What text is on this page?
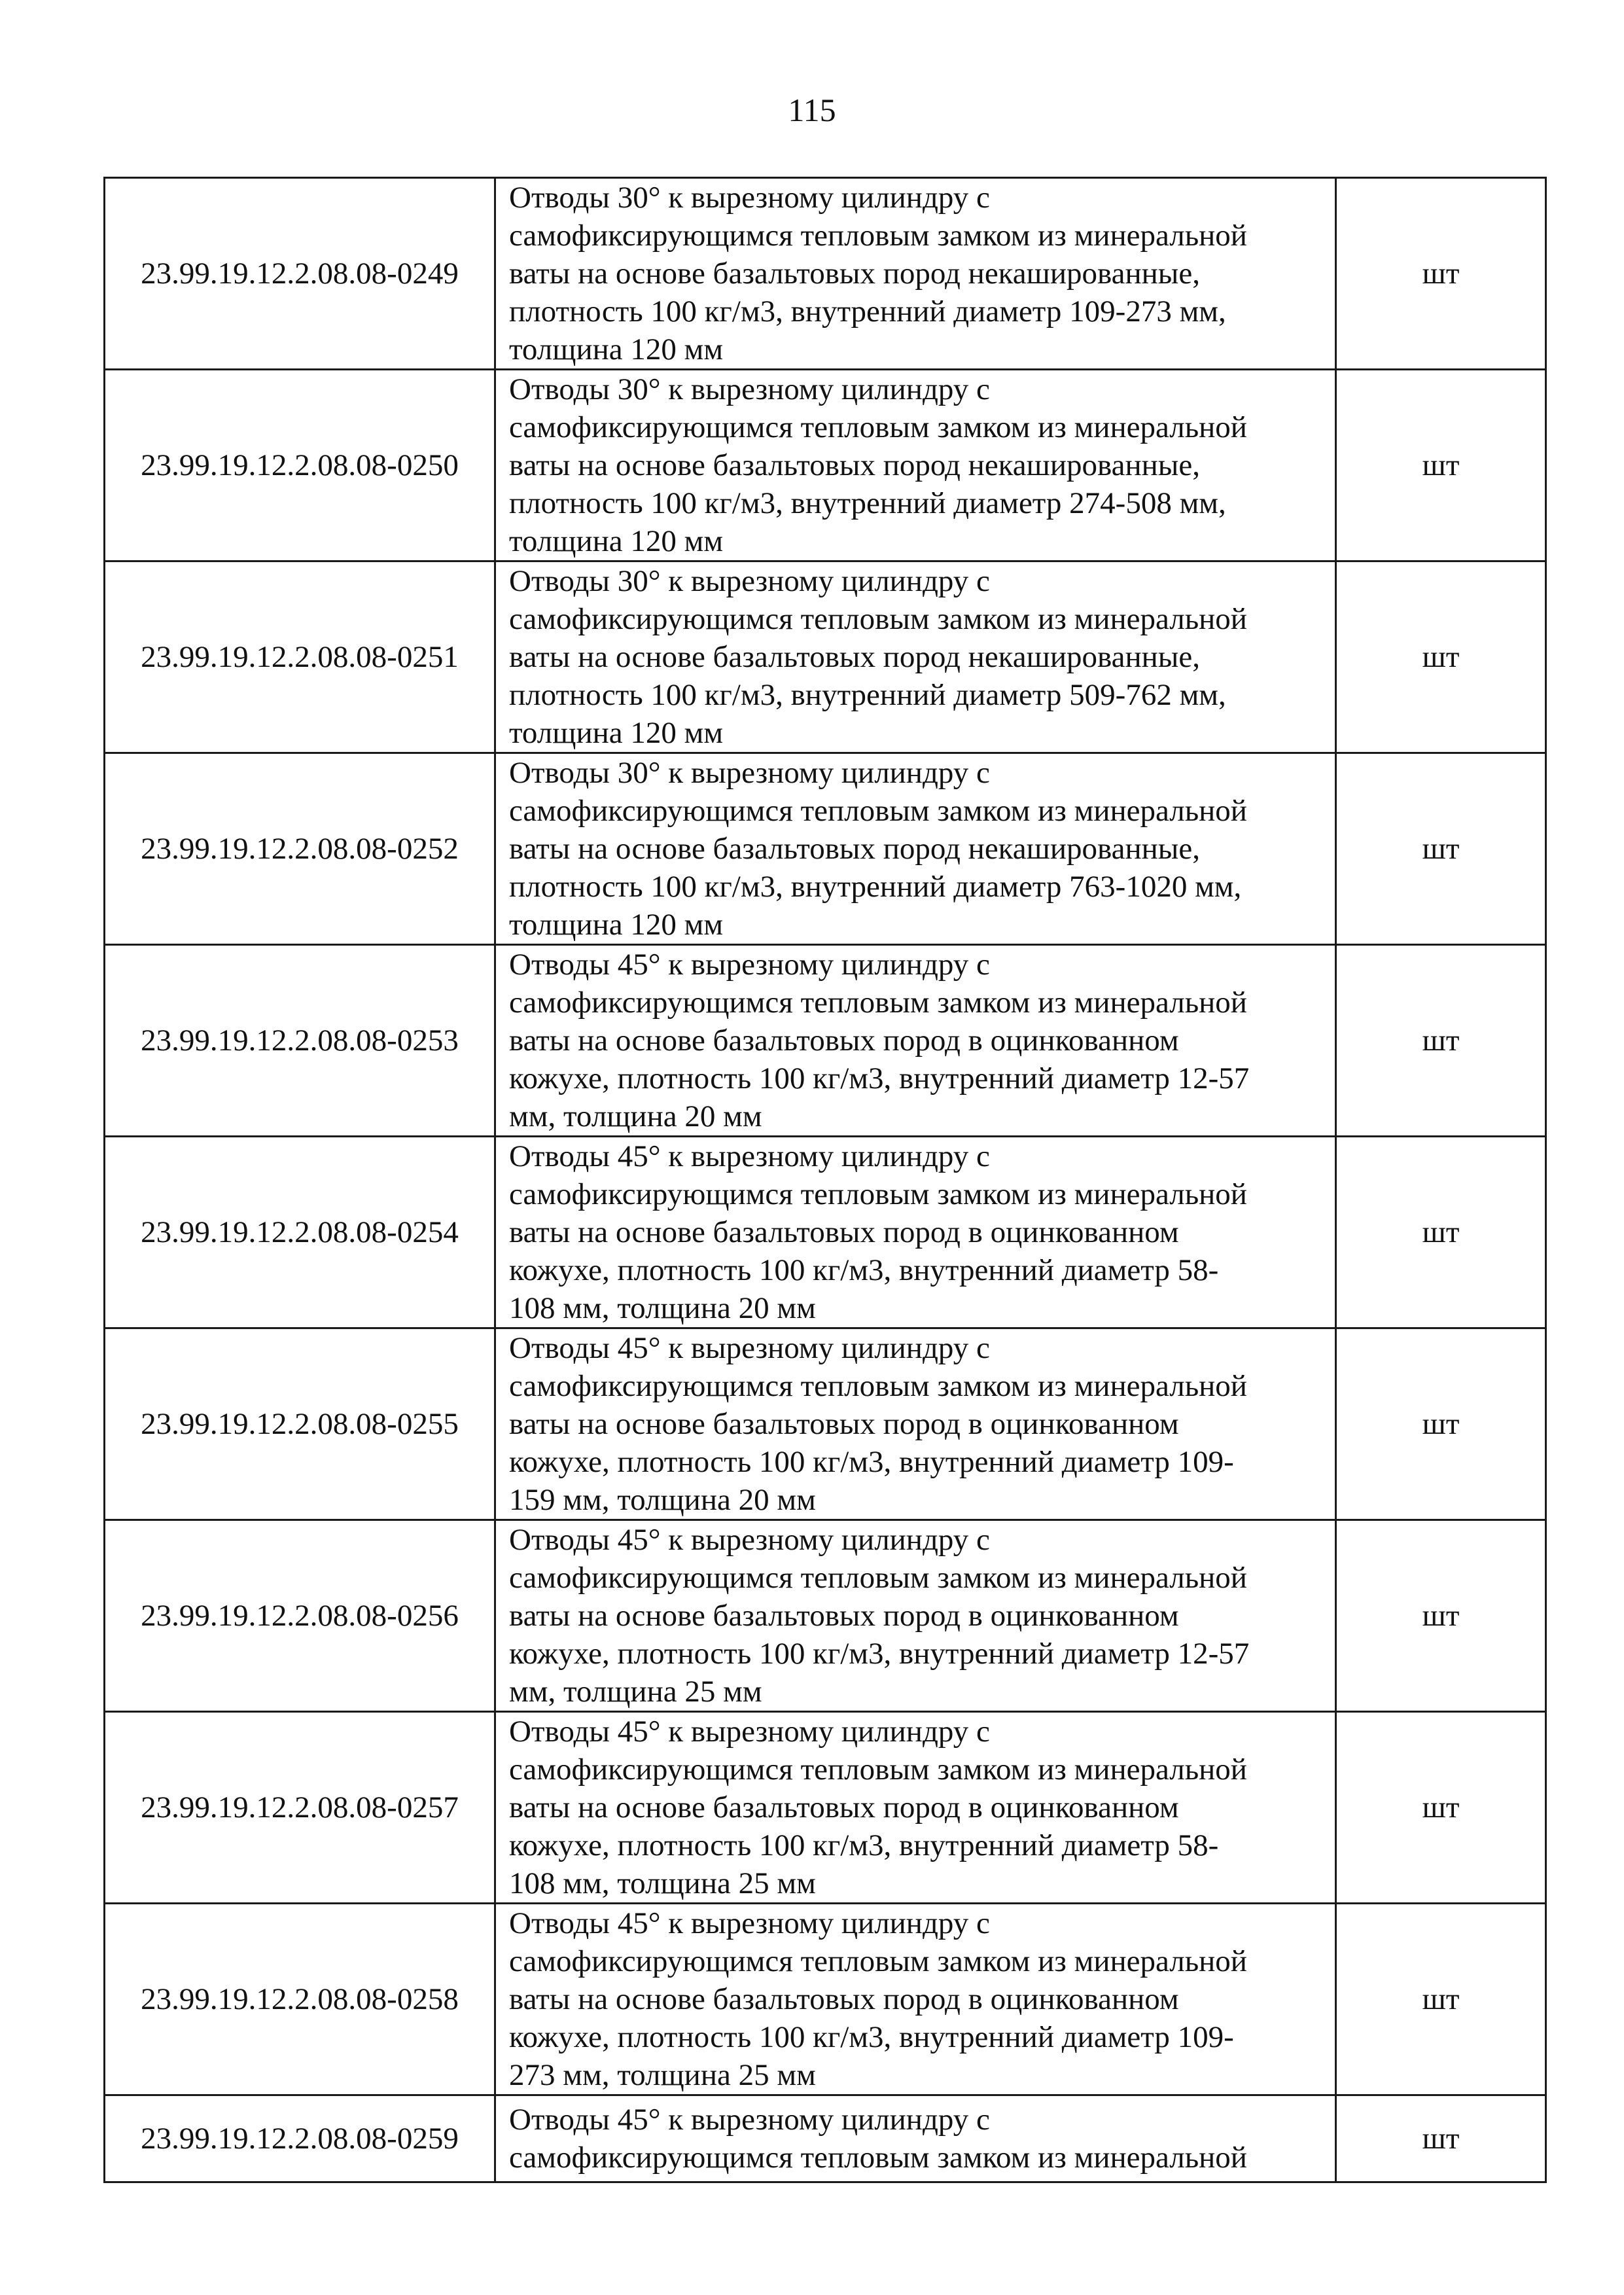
115
23.99.19.12.2.08.08-0249	Отводы 30° к вырезному цилиндру с
самофиксирующимся тепловым замком из минеральной
ваты на основе базальтовых пород некашированные,
плотность 100 кг/м3, внутренний диаметр 109-273 мм,
толщина 120 мм	шт
23.99.19.12.2.08.08-0250	Отводы 30° к вырезному цилиндру с
самофиксирующимся тепловым замком из минеральной
ваты на основе базальтовых пород некашированные,
плотность 100 кг/м3, внутренний диаметр 274-508 мм,
толщина 120 мм	шт
23.99.19.12.2.08.08-0251	Отводы 30° к вырезному цилиндру с
самофиксирующимся тепловым замком из минеральной
ваты на основе базальтовых пород некашированные,
плотность 100 кг/м3, внутренний диаметр 509-762 мм,
толщина 120 мм	шт
23.99.19.12.2.08.08-0252	Отводы 30° к вырезному цилиндру с
самофиксирующимся тепловым замком из минеральной
ваты на основе базальтовых пород некашированные,
плотность 100 кг/м3, внутренний диаметр 763-1020 мм,
толщина 120 мм	шт
23.99.19.12.2.08.08-0253	Отводы 45° к вырезному цилиндру с
самофиксирующимся тепловым замком из минеральной
ваты на основе базальтовых пород в оцинкованном
кожухе, плотность 100 кг/м3, внутренний диаметр 12-57
мм, толщина 20 мм	шт
23.99.19.12.2.08.08-0254	Отводы 45° к вырезному цилиндру с
самофиксирующимся тепловым замком из минеральной
ваты на основе базальтовых пород в оцинкованном
кожухе, плотность 100 кг/м3, внутренний диаметр 58-
108 мм, толщина 20 мм	шт
23.99.19.12.2.08.08-0255	Отводы 45° к вырезному цилиндру с
самофиксирующимся тепловым замком из минеральной
ваты на основе базальтовых пород в оцинкованном
кожухе, плотность 100 кг/м3, внутренний диаметр 109-
159 мм, толщина 20 мм	шт
23.99.19.12.2.08.08-0256	Отводы 45° к вырезному цилиндру с
самофиксирующимся тепловым замком из минеральной
ваты на основе базальтовых пород в оцинкованном
кожухе, плотность 100 кг/м3, внутренний диаметр 12-57
мм, толщина 25 мм	шт
23.99.19.12.2.08.08-0257	Отводы 45° к вырезному цилиндру с
самофиксирующимся тепловым замком из минеральной
ваты на основе базальтовых пород в оцинкованном
кожухе, плотность 100 кг/м3, внутренний диаметр 58-
108 мм, толщина 25 мм	шт
23.99.19.12.2.08.08-0258	Отводы 45° к вырезному цилиндру с
самофиксирующимся тепловым замком из минеральной
ваты на основе базальтовых пород в оцинкованном
кожухе, плотность 100 кг/м3, внутренний диаметр 109-
273 мм, толщина 25 мм	шт
23.99.19.12.2.08.08-0259	Отводы 45° к вырезному цилиндру с
самофиксирующимся тепловым замком из минеральной	шт
